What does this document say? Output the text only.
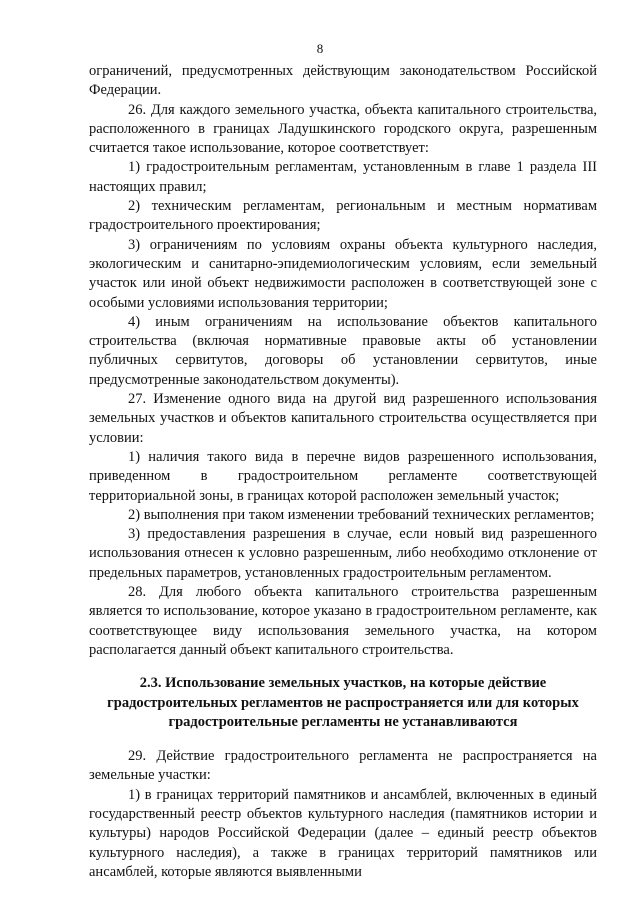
8

ограничений, предусмотренных действующим законодательством Российской Федерации.

26. Для каждого земельного участка, объекта капитального строительства, расположенного в границах Ладушкинского городского округа, разрешенным считается такое использование, которое соответствует:

1) градостроительным регламентам, установленным в главе 1 раздела III настоящих правил;

2) техническим регламентам, региональным и местным нормативам градостроительного проектирования;

3) ограничениям по условиям охраны объекта культурного наследия, экологическим и санитарно-эпидемиологическим условиям, если земельный участок или иной объект недвижимости расположен в соответствующей зоне с особыми условиями использования территории;

4) иным ограничениям на использование объектов капитального строительства (включая нормативные правовые акты об установлении публичных сервитутов, договоры об установлении сервитутов, иные предусмотренные законодательством документы).

27. Изменение одного вида на другой вид разрешенного использования земельных участков и объектов капитального строительства осуществляется при условии:

1) наличия такого вида в перечне видов разрешенного использования, приведенном в градостроительном регламенте соответствующей территориальной зоны, в границах которой расположен земельный участок;

2) выполнения при таком изменении требований технических регламентов;

3) предоставления разрешения в случае, если новый вид разрешенного использования отнесен к условно разрешенным, либо необходимо отклонение от предельных параметров, установленных градостроительным регламентом.

28. Для любого объекта капитального строительства разрешенным является то использование, которое указано в градостроительном регламенте, как соответствующее виду использования земельного участка, на котором располагается данный объект капитального строительства.

2.3. Использование земельных участков, на которые действие градостроительных регламентов не распространяется или для которых градостроительные регламенты не устанавливаются

29. Действие градостроительного регламента не распространяется на земельные участки:

1) в границах территорий памятников и ансамблей, включенных в единый государственный реестр объектов культурного наследия (памятников истории и культуры) народов Российской Федерации (далее – единый реестр объектов культурного наследия), а также в границах территорий памятников или ансамблей, которые являются выявленными
